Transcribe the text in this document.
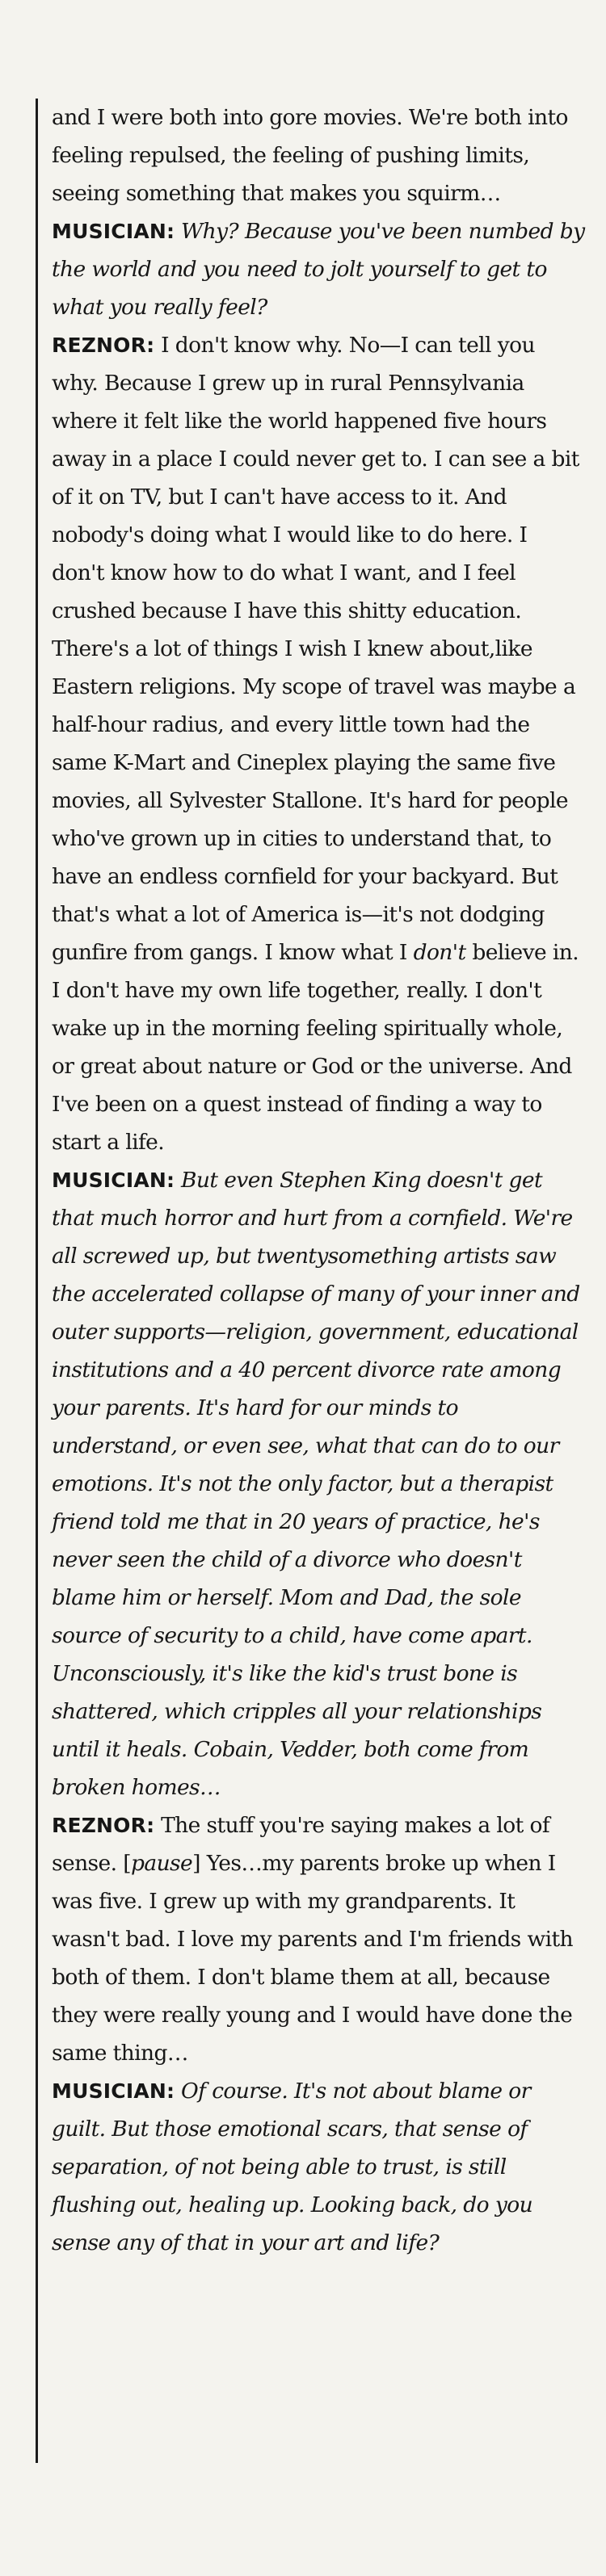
and I were both into gore movies. We're both into feeling repulsed, the feeling of pushing limits, seeing something that makes you squirm…

MUSICIAN: Why? Because you've been numbed by the world and you need to jolt yourself to get to what you really feel?

REZNOR: I don't know why. No—I can tell you why. Because I grew up in rural Pennsylvania where it felt like the world happened five hours away in a place I could never get to. I can see a bit of it on TV, but I can't have access to it. And nobody's doing what I would like to do here. I don't know how to do what I want, and I feel crushed because I have this shitty education. There's a lot of things I wish I knew about,like Eastern religions. My scope of travel was maybe a half-hour radius, and every little town had the same K-Mart and Cineplex playing the same five movies, all Sylvester Stallone. It's hard for people who've grown up in cities to understand that, to have an endless cornfield for your backyard. But that's what a lot of America is—it's not dodging gunfire from gangs. I know what I don't believe in. I don't have my own life together, really. I don't wake up in the morning feeling spiritually whole, or great about nature or God or the universe. And I've been on a quest instead of finding a way to start a life.

MUSICIAN: But even Stephen King doesn't get that much horror and hurt from a cornfield. We're all screwed up, but twentysomething artists saw the accelerated collapse of many of your inner and outer supports—religion, government, educational institutions and a 40 percent divorce rate among your parents. It's hard for our minds to understand, or even see, what that can do to our emotions. It's not the only factor, but a therapist friend told me that in 20 years of practice, he's never seen the child of a divorce who doesn't blame him or herself. Mom and Dad, the sole source of security to a child, have come apart. Unconsciously, it's like the kid's trust bone is shattered, which cripples all your relationships until it heals. Cobain, Vedder, both come from broken homes…

REZNOR: The stuff you're saying makes a lot of sense. [pause] Yes…my parents broke up when I was five. I grew up with my grandparents. It wasn't bad. I love my parents and I'm friends with both of them. I don't blame them at all, because they were really young and I would have done the same thing…

MUSICIAN: Of course. It's not about blame or guilt. But those emotional scars, that sense of separation, of not being able to trust, is still flushing out, healing up. Looking back, do you sense any of that in your art and life?
